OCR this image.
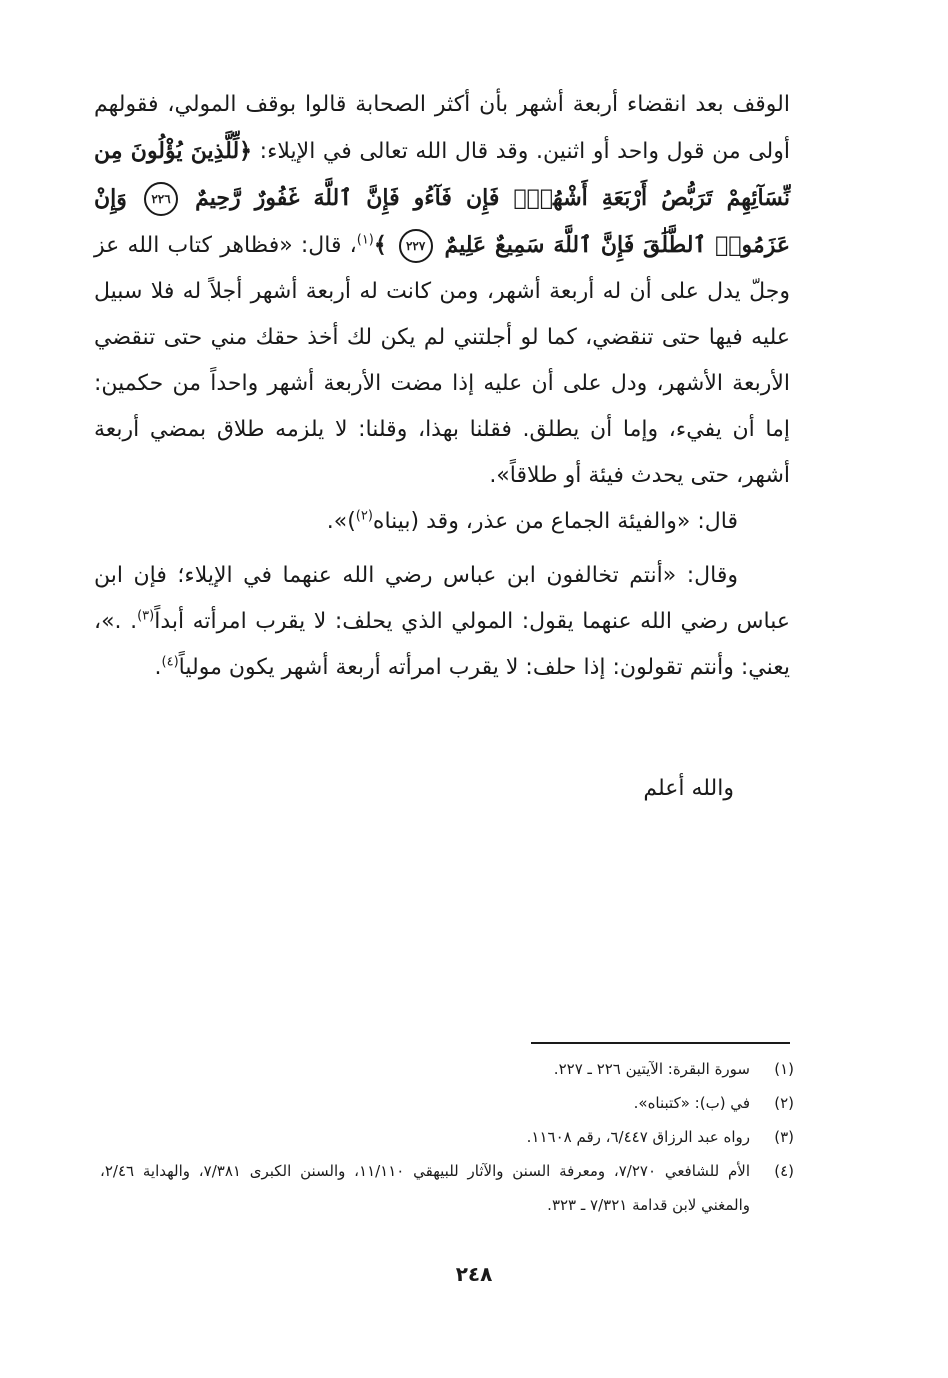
الوقف بعد انقضاء أربعة أشهر بأن أكثر الصحابة قالوا بوقف المولي، فقولهم أولى من قول واحد أو اثنين. وقد قال الله تعالى في الإيلاء: ﴿لِّلَّذِينَ يُؤْلُونَ مِن نِّسَآئِهِمْ تَرَبُّصُ أَرْبَعَةِ أَشْهُرٍۖ فَإِن فَآءُو فَإِنَّ ٱللَّهَ غَفُورٌ رَّحِيمٌ ٢٢٦ وَإِنْ عَزَمُوا۟ ٱلطَّلَٰقَ فَإِنَّ ٱللَّهَ سَمِيعٌ عَلِيمٌ ٢٢٧ ﴾$^{(١)}$، قال: «فظاهر كتاب الله عز وجلّ يدل على أن له أربعة أشهر، ومن كانت له أربعة أشهر أجلاً له فلا سبيل عليه فيها حتى تنقضي، كما لو أجلتني لم يكن لك أخذ حقك مني حتى تنقضي الأربعة الأشهر، ودل على أن عليه إذا مضت الأربعة أشهر واحداً من حكمين: إما أن يفيء، وإما أن يطلق. فقلنا بهذا، وقلنا: لا يلزمه طلاق بمضي أربعة أشهر، حتى يحدث فيئة أو طلاقاً».

قال: «والفيئة الجماع من عذر، وقد (بيناه$^{(٢)}$)».

وقال: «أنتم تخالفون ابن عباس رضي الله عنهما في الإيلاء؛ فإن ابن عباس رضي الله عنهما يقول: المولي الذي يحلف: لا يقرب امرأته أبداً$^{(٣)}$. .»، يعني: وأنتم تقولون: إذا حلف: لا يقرب امرأته أربعة أشهر يكون مولياً$^{(٤)}$.

والله أعلم
(١)
سورة البقرة: الآيتين ٢٢٦ ـ ٢٢٧.
(٢)
في (ب): «كتبناه».
(٣)
رواه عبد الرزاق ٦/٤٤٧، رقم ١١٦٠٨.
(٤)
الأم للشافعي ٧/٢٧٠، ومعرفة السنن والآثار للبيهقي ١١/١١٠، والسنن الكبرى ٧/٣٨١، والهداية ٢/٤٦، والمغني لابن قدامة ٧/٣٢١ ـ ٣٢٣.
٢٤٨
